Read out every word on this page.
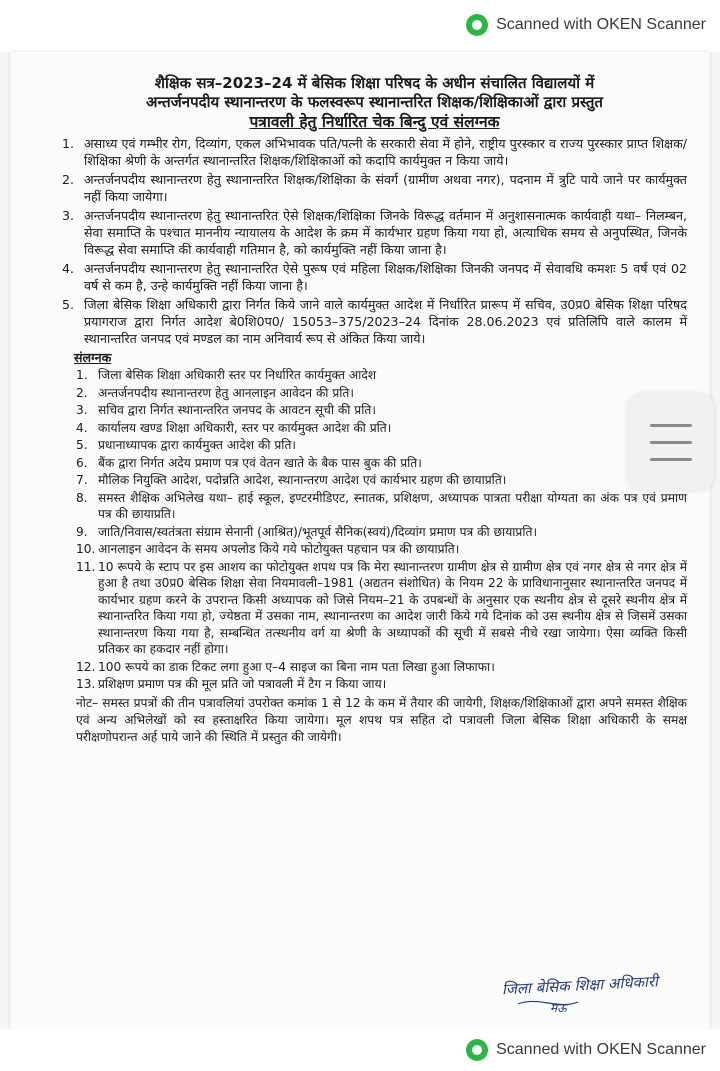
Scanned with OKEN Scanner
शैक्षिक सत्र–2023–24 में बेसिक शिक्षा परिषद के अधीन संचालित विद्यालयों में
अन्तर्जनपदीय स्थानान्तरण के फलस्वरूप स्थानान्तरित शिक्षक/शिक्षिकाओं द्वारा प्रस्तुत
पत्रावली हेतु निर्धारित चेक बिन्दु एवं संलग्नक
1. असाध्य एवं गम्भीर रोग, दिव्यांग, एकल अभिभावक पति/पत्नी के सरकारी सेवा में होने, राष्ट्रीय पुरस्कार व राज्य पुरस्कार प्राप्त शिक्षक/शिक्षिका श्रेणी के अन्तर्गत स्थानान्तरित शिक्षक/शिक्षिकाओं को कदापि कार्यमुक्त न किया जाये।
2. अन्तर्जनपदीय स्थानान्तरण हेतु स्थानान्तरित शिक्षक/शिक्षिका के संवर्ग (ग्रामीण अथवा नगर), पदनाम में त्रुटि पाये जाने पर कार्यमुक्त नहीं किया जायेगा।
3. अन्तर्जनपदीय स्थानान्तरण हेतु स्थानान्तरित ऐसे शिक्षक/शिक्षिका जिनके विरूद्ध वर्तमान में अनुशासनात्मक कार्यवाही यथा– निलम्बन, सेवा समाप्ति के पश्चात माननीय न्यायालय के आदेश के क्रम में कार्यभार ग्रहण किया गया हो, अत्याधिक समय से अनुपस्थित, जिनके विरूद्ध सेवा समाप्ति की कार्यवाही गतिमान है, को कार्यमुक्ति नहीं किया जाना है।
4. अन्तर्जनपदीय स्थानान्तरण हेतु स्थानान्तरित ऐसे पुरूष एवं महिला शिक्षक/शिक्षिका जिनकी जनपद में सेवावधि कमशः 5 वर्ष एवं 02 वर्ष से कम है, उन्हे कार्यमुक्ति नहीं किया जाना है।
5. जिला बेसिक शिक्षा अधिकारी द्वारा निर्गत किये जाने वाले कार्यमुक्त आदेश में निर्धारित प्रारूप में सचिव, उ0प्र0 बेसिक शिक्षा परिषद प्रयागराज द्वारा निर्गत आदेश बे0शि0प0/ 15053–375/2023–24 दिनांक 28.06.2023 एवं प्रतिलिपि वाले कालम में स्थानान्तरित जनपद एवं मण्डल का नाम अनिवार्य रूप से अंकित किया जाये।
संलग्नक
1. जिला बेसिक शिक्षा अधिकारी स्तर पर निर्धारित कार्यमुक्त आदेश
2. अन्तर्जनपदीय स्थानान्तरण हेतु आनलाइन आवेदन की प्रति।
3. सचिव द्वारा निर्गत स्थानान्तरित जनपद के आवटन सूची की प्रति।
4. कार्यालय खण्ड शिक्षा अधिकारी, स्तर पर कार्यमुक्त आदेश की प्रति।
5. प्रधानाध्यापक द्वारा कार्यमुक्त आदेश की प्रति।
6. बैंक द्वारा निर्गत अदेय प्रमाण पत्र एवं वेतन खाते के बैक पास बुक की प्रति।
7. मौलिक नियुक्ति आदेश, पदोन्नति आदेश, स्थानान्तरण आदेश एवं कार्यभार ग्रहण की छायाप्रति।
8. समस्त शैक्षिक अभिलेख यथा– हाई स्कूल, इण्टरमीडिएट, स्नातक, प्रशिक्षण, अध्यापक पात्रता परीक्षा योग्यता का अंक पत्र एवं प्रमाण पत्र की छायाप्रति।
9. जाति/निवास/स्वतंत्रता संग्राम सेनानी (आश्रित)/भूतपूर्व सैनिक(स्वयं)/दिव्यांग प्रमाण पत्र की छायाप्रति।
10. आनलाइन आवेदन के समय अपलोड किये गये फोटोयुक्त पहचान पत्र की छायाप्रति।
11. 10 रूपये के स्टाप पर इस आशय का फोटोयुक्त शपथ पत्र कि मेरा स्थानान्तरण ग्रामीण क्षेत्र से ग्रामीण क्षेत्र एवं नगर क्षेत्र से नगर क्षेत्र में हुआ है तथा उ0प्र0 बेसिक शिक्षा सेवा नियमावली–1981 (अद्यतन संशोधित) के नियम 22 के प्राविधानानुसार स्थानान्तरित जनपद में कार्यभार ग्रहण करने के उपरान्त किसी अध्यापक को जिसे नियम–21 के उपबन्धों के अनुसार एक स्थनीय क्षेत्र से दूसरे स्थनीय क्षेत्र में स्थानान्तरित किया गया हो, ज्येष्ठता में उसका नाम, स्थानान्तरण का आदेश जारी किये गये दिनांक को उस स्थनीय क्षेत्र से जिसमें उसका स्थानान्तरण किया गया है, सम्बन्धित तत्स्थनीय वर्ग या श्रेणी के अध्यापकों की सूची में सबसे नीचे रखा जायेगा। ऐसा व्यक्ति किसी प्रतिकर का हकदार नहीं होगा।
12. 100 रूपये का डाक टिकट लगा हुआ ए–4 साइज का बिना नाम पता लिखा हुआ लिफाफा।
13. प्रशिक्षण प्रमाण पत्र की मूल प्रति जो पत्रावली में टैग न किया जाय।
नोट– समस्त प्रपत्रों की तीन पत्रावलियां उपरोक्त कमांक 1 से 12 के कम में तैयार की जायेगी, शिक्षक/शिक्षिकाओं द्वारा अपने समस्त शैक्षिक एवं अन्य अभिलेखों को स्व हस्ताक्षरित किया जायेगा। मूल शपथ पत्र सहित दो पत्रावली जिला बेसिक शिक्षा अधिकारी के समक्ष परीक्षणोपरान्त अर्ह पाये जाने की स्थिति में प्रस्तुत की जायेगी।
जिला बेसिक शिक्षा अधिकारी
मऊ
Scanned with OKEN Scanner
